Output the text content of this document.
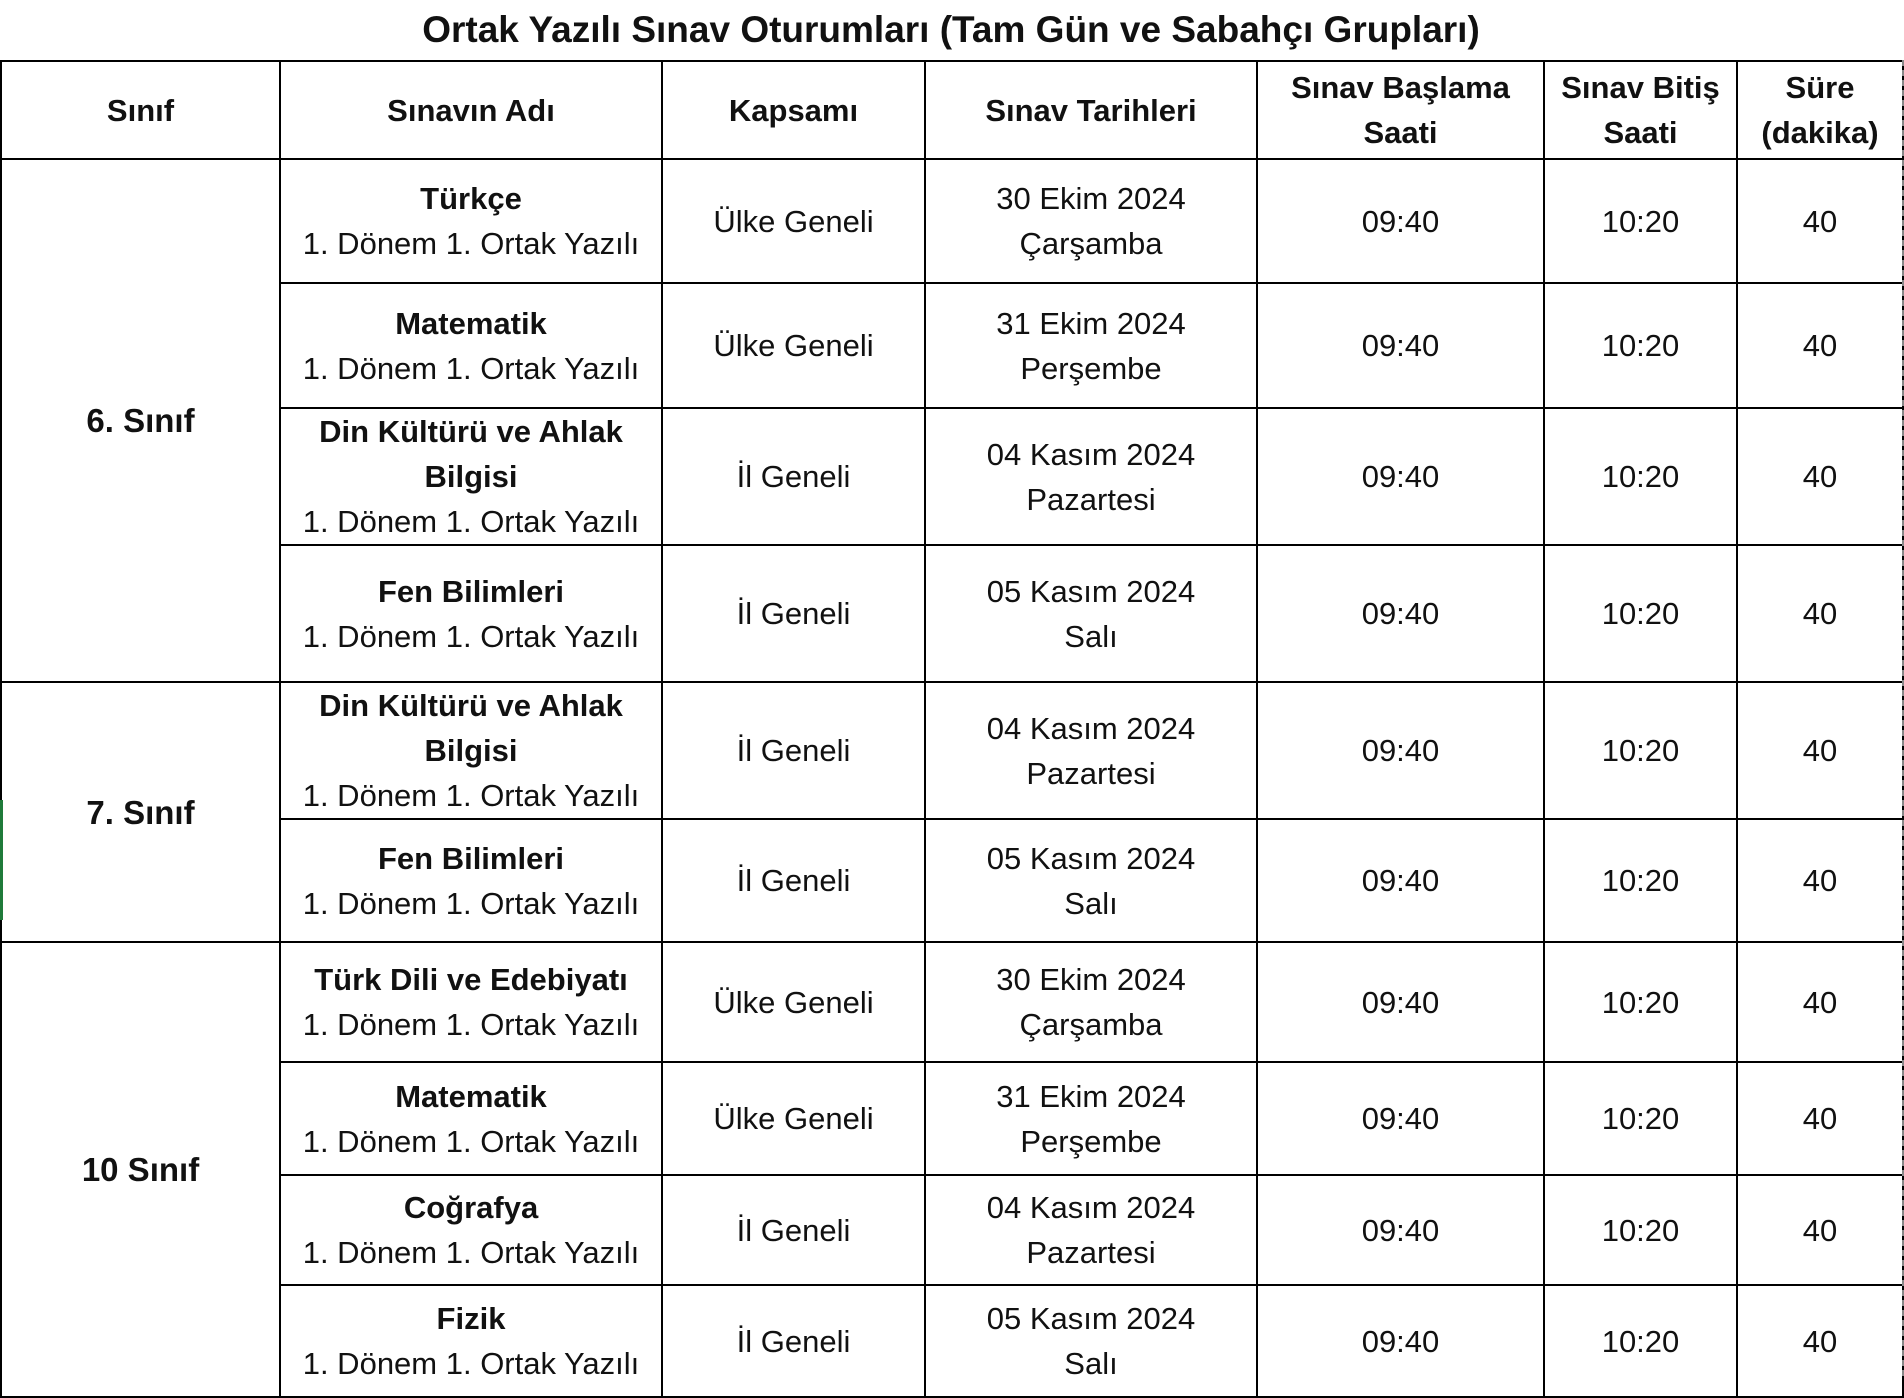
Ortak Yazılı Sınav Oturumları (Tam Gün ve Sabahçı Grupları)
Sınıf	Sınavın Adı	Kapsamı	Sınav Tarihleri	Sınav Başlama
Saati	Sınav Bitiş
Saati	Süre
(dakika)

6. Sınıf	Türkçe
1. Dönem 1. Ortak Yazılı	Ülke Geneli	30 Ekim 2024
Çarşamba	09:40	10:20	40

	Matematik
1. Dönem 1. Ortak Yazılı	Ülke Geneli	31 Ekim 2024
Perşembe	09:40	10:20	40

	Din Kültürü ve Ahlak Bilgisi
1. Dönem 1. Ortak Yazılı	İl Geneli	04 Kasım 2024
Pazartesi	09:40	10:20	40

	Fen Bilimleri
1. Dönem 1. Ortak Yazılı	İl Geneli	05 Kasım 2024
Salı	09:40	10:20	40
7. Sınıf	Din Kültürü ve Ahlak Bilgisi
1. Dönem 1. Ortak Yazılı	İl Geneli	04 Kasım 2024
Pazartesi	09:40	10:20	40

	Fen Bilimleri
1. Dönem 1. Ortak Yazılı	İl Geneli	05 Kasım 2024
Salı	09:40	10:20	40
10 Sınıf	Türk Dili ve Edebiyatı
1. Dönem 1. Ortak Yazılı	Ülke Geneli	30 Ekim 2024
Çarşamba	09:40	10:20	40

	Matematik
1. Dönem 1. Ortak Yazılı	Ülke Geneli	31 Ekim 2024
Perşembe	09:40	10:20	40

	Coğrafya
1. Dönem 1. Ortak Yazılı	İl Geneli	04 Kasım 2024
Pazartesi	09:40	10:20	40

	Fizik
1. Dönem 1. Ortak Yazılı	İl Geneli	05 Kasım 2024
Salı	09:40	10:20	40
